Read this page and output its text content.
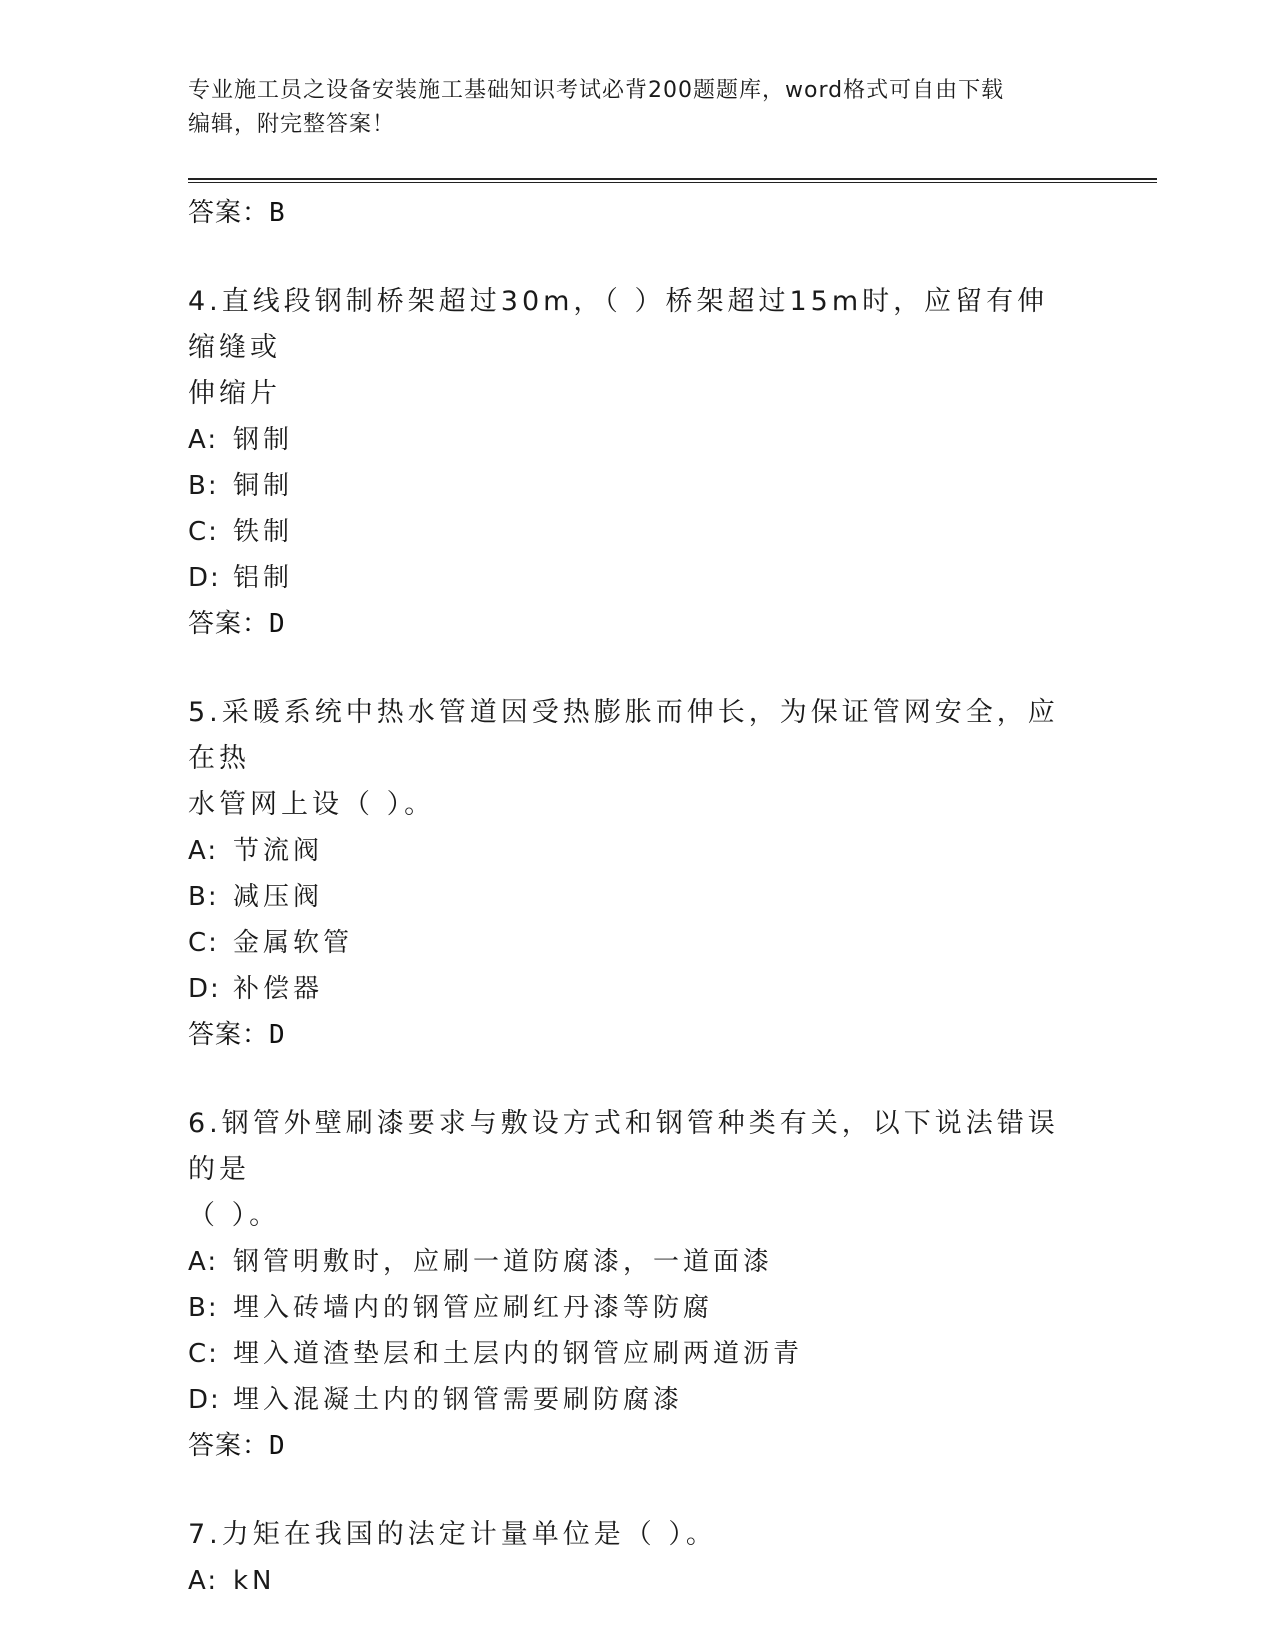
专业施工员之设备安装施工基础知识考试必背200题题库，word格式可自由下载
编辑，附完整答案！
答案：B
4.直线段钢制桥架超过30m，（ ）桥架超过15m时，应留有伸缩缝或
伸缩片
A: 钢制
B: 铜制
C: 铁制
D: 铝制
答案：D
5.采暖系统中热水管道因受热膨胀而伸长，为保证管网安全，应在热
水管网上设（ ）。
A: 节流阀
B: 减压阀
C: 金属软管
D: 补偿器
答案：D
6.钢管外壁刷漆要求与敷设方式和钢管种类有关，以下说法错误的是
（ ）。
A: 钢管明敷时，应刷一道防腐漆，一道面漆
B: 埋入砖墙内的钢管应刷红丹漆等防腐
C: 埋入道渣垫层和土层内的钢管应刷两道沥青
D: 埋入混凝土内的钢管需要刷防腐漆
答案：D
7.力矩在我国的法定计量单位是（ ）。
A: kN
